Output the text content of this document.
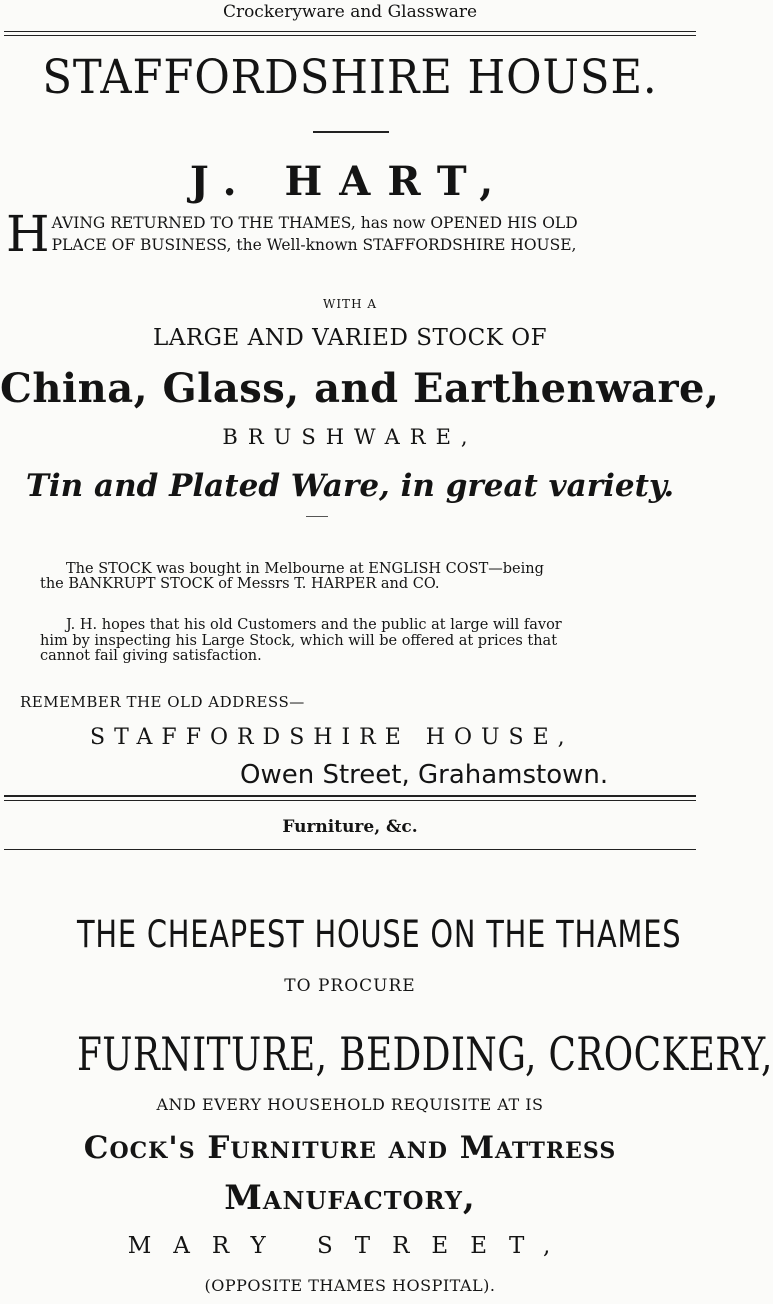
Crockeryware and Glassware
STAFFORDSHIRE HOUSE.
J. HART,
H AVING RETURNED TO THE THAMES, has now OPENED HIS OLD
PLACE OF BUSINESS, the Well-known STAFFORDSHIRE HOUSE,
WITH A
LARGE AND VARIED STOCK OF
China, Glass, and Earthenware,
BRUSHWARE,
Tin and Plated Ware, in great variety.
The STOCK was bought in Melbourne at ENGLISH COST—being
the BANKRUPT STOCK of Messrs T. HARPER and CO.
J. H. hopes that his old Customers and the public at large will favor
him by inspecting his Large Stock, which will be offered at prices that
cannot fail giving satisfaction.
REMEMBER THE OLD ADDRESS—
STAFFORDSHIRE HOUSE,
Owen Street, Grahamstown.
Furniture, &c.
THE CHEAPEST HOUSE ON THE THAMES
TO PROCURE
FURNITURE, BEDDING, CROCKERY,
AND EVERY HOUSEHOLD REQUISITE AT IS
Cock's Furniture and Mattress
Manufactory,
MARY STREET,
(OPPOSITE THAMES HOSPITAL).
